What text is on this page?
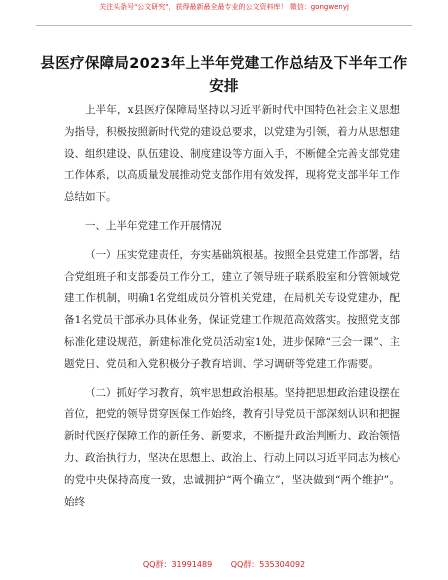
关注头条号"公文研究"，获得最新最全最专业的公文资料库！ 微信：gongwenyj
县医疗保障局2023年上半年党建工作总结及下半年工作安排

上半年，x县医疗保障局坚持以习近平新时代中国特色社会主义思想为指导，积极按照新时代党的建设总要求，以党建为引领，着力从思想建设、组织建设、队伍建设、制度建设等方面入手，不断健全完善支部党建工作体系，以高质量发展推动党支部作用有效发挥，现将党支部半年工作总结如下。

一、上半年党建工作开展情况

（一）压实党建责任，夯实基础筑根基。按照全县党建工作部署，结合党组班子和支部委员工作分工，建立了领导班子联系股室和分管领域党建工作机制，明确1名党组成员分管机关党建，在局机关专设党建办，配备1名党员干部承办具体业务，保证党建工作规范高效落实。按照党支部标准化建设规范，新建标准化党员活动室1处，进步保障“三会一课”、主题党日、党员和入党积极分子教育培训、学习调研等党建工作需要。

（二）抓好学习教育，筑牢思想政治根基。坚持把思想政治建设摆在首位，把党的领导贯穿医保工作始终，教育引导党员干部深刻认识和把握新时代医疗保障工作的新任务、新要求，不断提升政治判断力、政治领悟力、政治执行力，坚决在思想上、政治上、行动上同以习近平同志为核心的党中央保持高度一致，忠诚拥护“两个确立”，坚决做到“两个维护”。始终

QQ群：31991489 QQ群：535304092
